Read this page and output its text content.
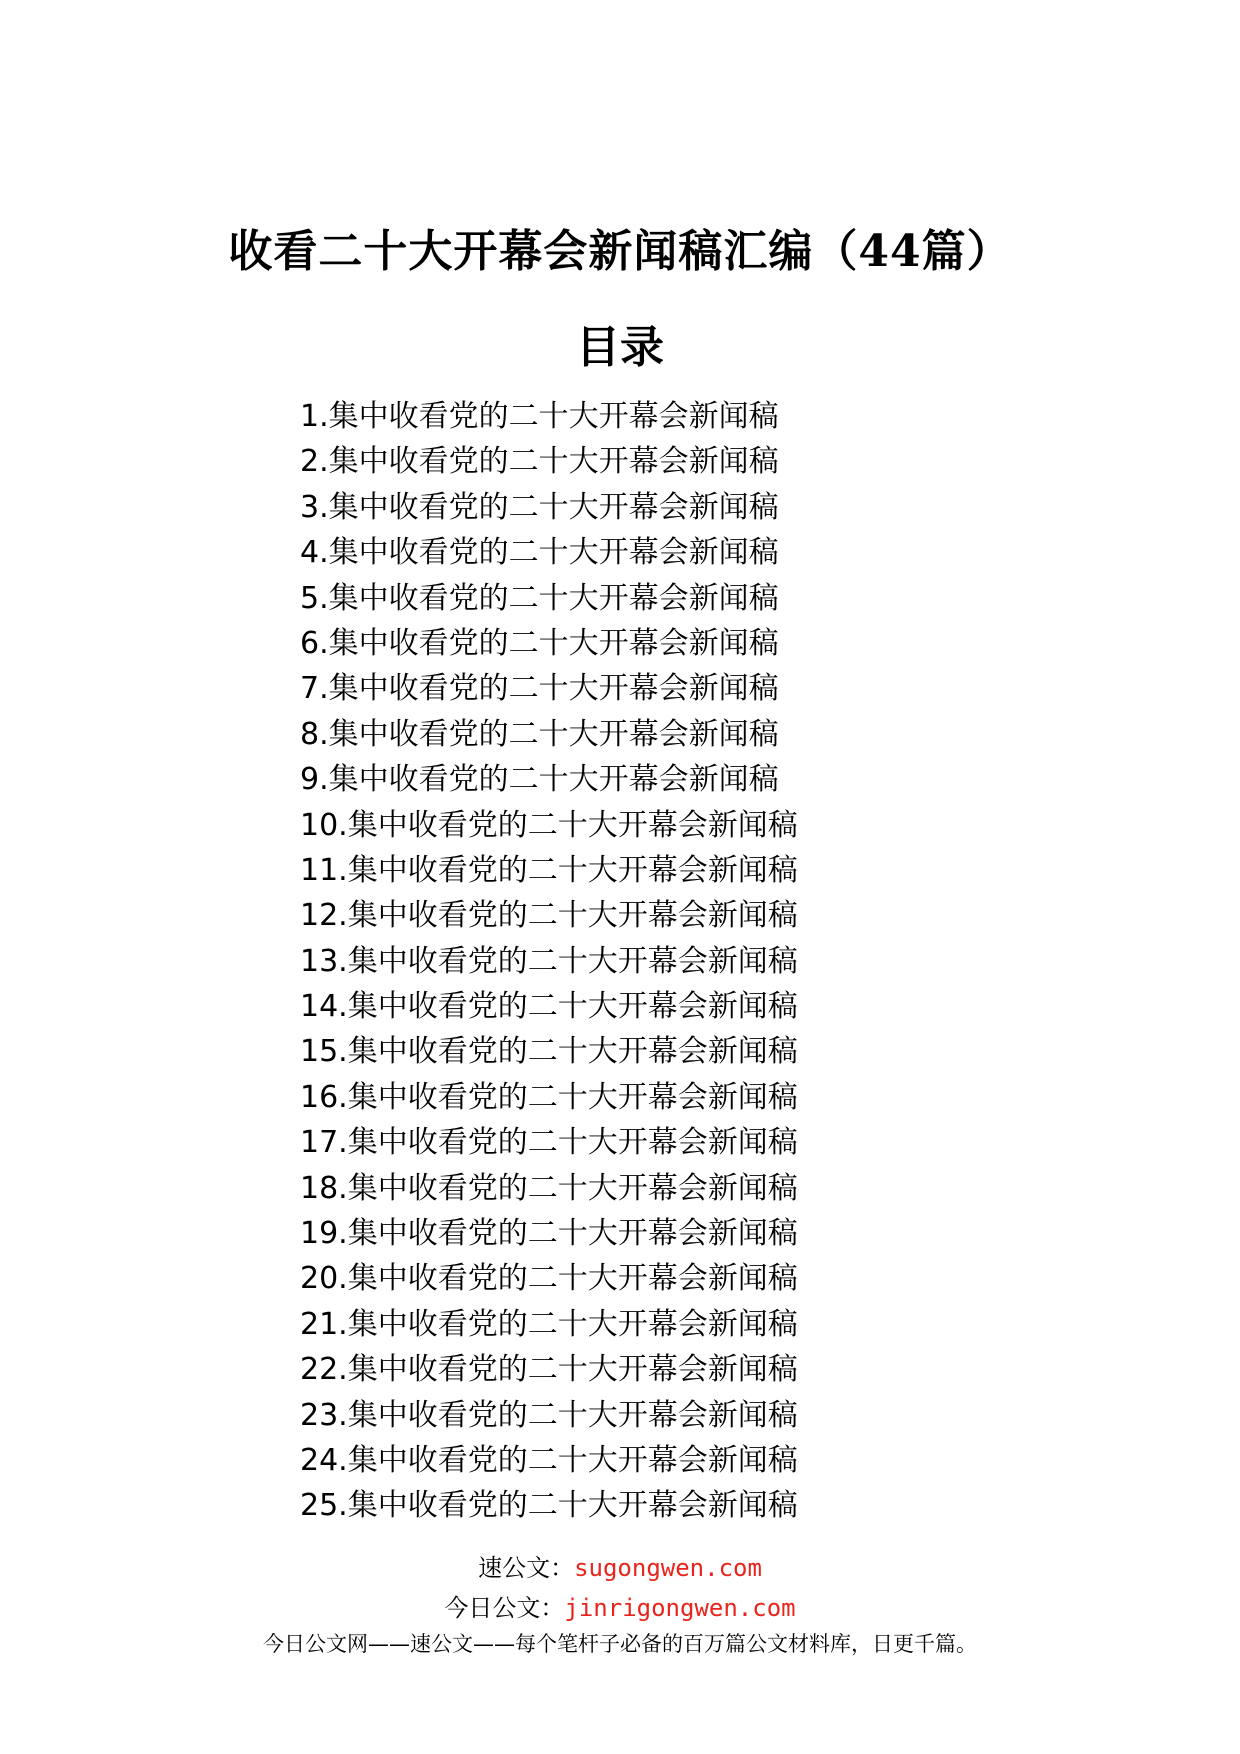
收看二十大开幕会新闻稿汇编（44篇）
目录
1.集中收看党的二十大开幕会新闻稿
2.集中收看党的二十大开幕会新闻稿
3.集中收看党的二十大开幕会新闻稿
4.集中收看党的二十大开幕会新闻稿
5.集中收看党的二十大开幕会新闻稿
6.集中收看党的二十大开幕会新闻稿
7.集中收看党的二十大开幕会新闻稿
8.集中收看党的二十大开幕会新闻稿
9.集中收看党的二十大开幕会新闻稿
10.集中收看党的二十大开幕会新闻稿
11.集中收看党的二十大开幕会新闻稿
12.集中收看党的二十大开幕会新闻稿
13.集中收看党的二十大开幕会新闻稿
14.集中收看党的二十大开幕会新闻稿
15.集中收看党的二十大开幕会新闻稿
16.集中收看党的二十大开幕会新闻稿
17.集中收看党的二十大开幕会新闻稿
18.集中收看党的二十大开幕会新闻稿
19.集中收看党的二十大开幕会新闻稿
20.集中收看党的二十大开幕会新闻稿
21.集中收看党的二十大开幕会新闻稿
22.集中收看党的二十大开幕会新闻稿
23.集中收看党的二十大开幕会新闻稿
24.集中收看党的二十大开幕会新闻稿
25.集中收看党的二十大开幕会新闻稿
速公文：sugongwen.com
今日公文：jinrigongwen.com
今日公文网——速公文——每个笔杆子必备的百万篇公文材料库，日更千篇。
